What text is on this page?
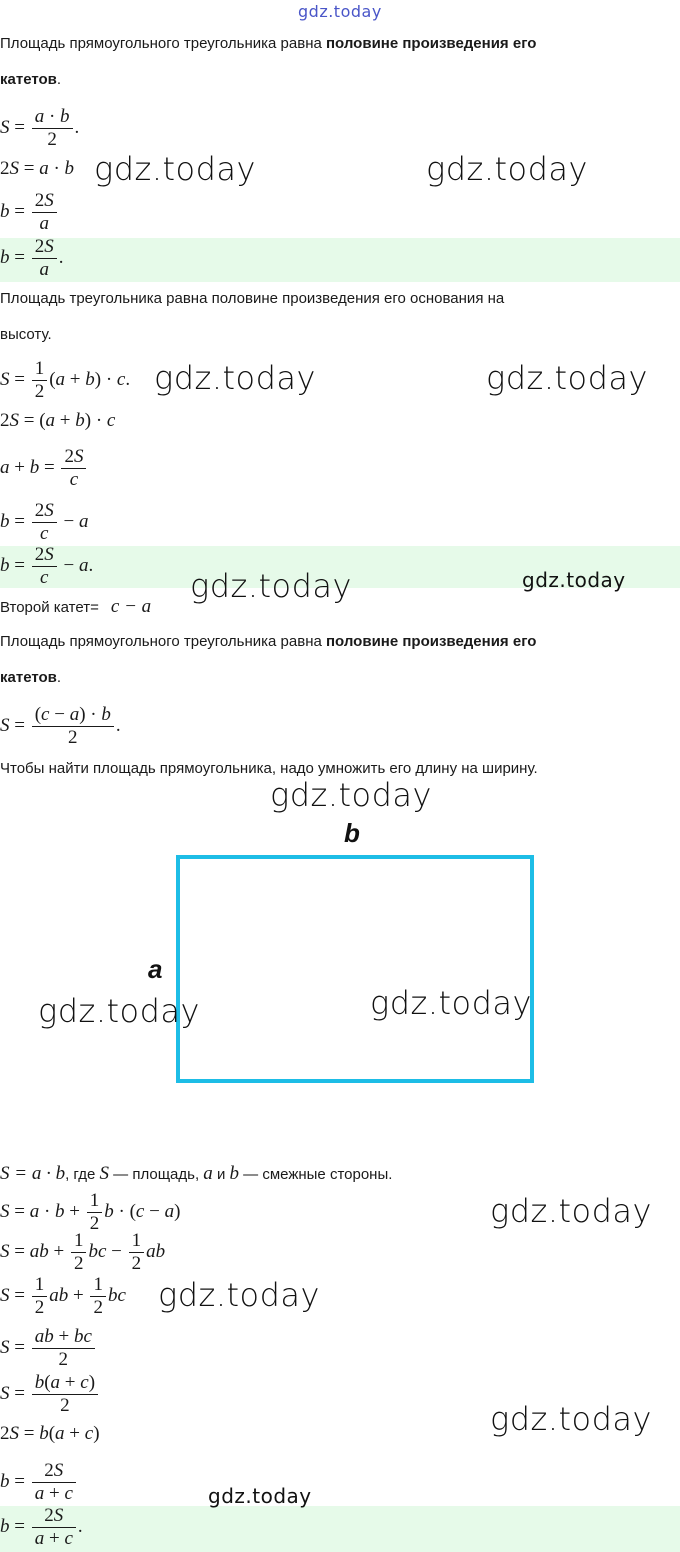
gdz.today
Площадь прямоугольного треугольника равна половине произведения его
катетов.
$S = \frac{a \cdot b}{2}$ .
2S = a · b
$b = \frac{2S}{a}$
$b = \frac{2S}{a}$ .
Площадь треугольника равна половине произведения его основания на
высоту.
$S = \frac{1}{2} (a + b) \cdot c$.
2S = (a + b) · c
$a + b = \frac{2S}{c}$
$b = \frac{2S}{c} - a$
$b = \frac{2S}{c} - a$.
Второй катет= c − a
Площадь прямоугольного треугольника равна половине произведения его
катетов.
$S = \frac{(c - a) \cdot b}{2}$ .
Чтобы найти площадь прямоугольника, надо умножить его длину на ширину.
b
a
S = a · b, где S — площадь, a и b — смежные стороны.
$S = a \cdot b + \frac{1}{2}$ b · (c − a)
S = ab + $\frac{1}{2}$ bc − $\frac{1}{2}$ ab
$S = \frac{1}{2}$ ab + $\frac{1}{2}$ bc
$S = \frac{ab + bc}{2}$
$S = \frac{b(a + c)}{2}$
2S = b(a + c)
$b = \frac{2S}{a + c}$
$b = \frac{2S}{a + c}$ .
gdz.today	gdz.today
gdz.today	gdz.today
gdz.today	gdz.today
gdz.today
gdz.today	gdz.today
gdz.today
gdz.today
gdz.today
gdz.today
